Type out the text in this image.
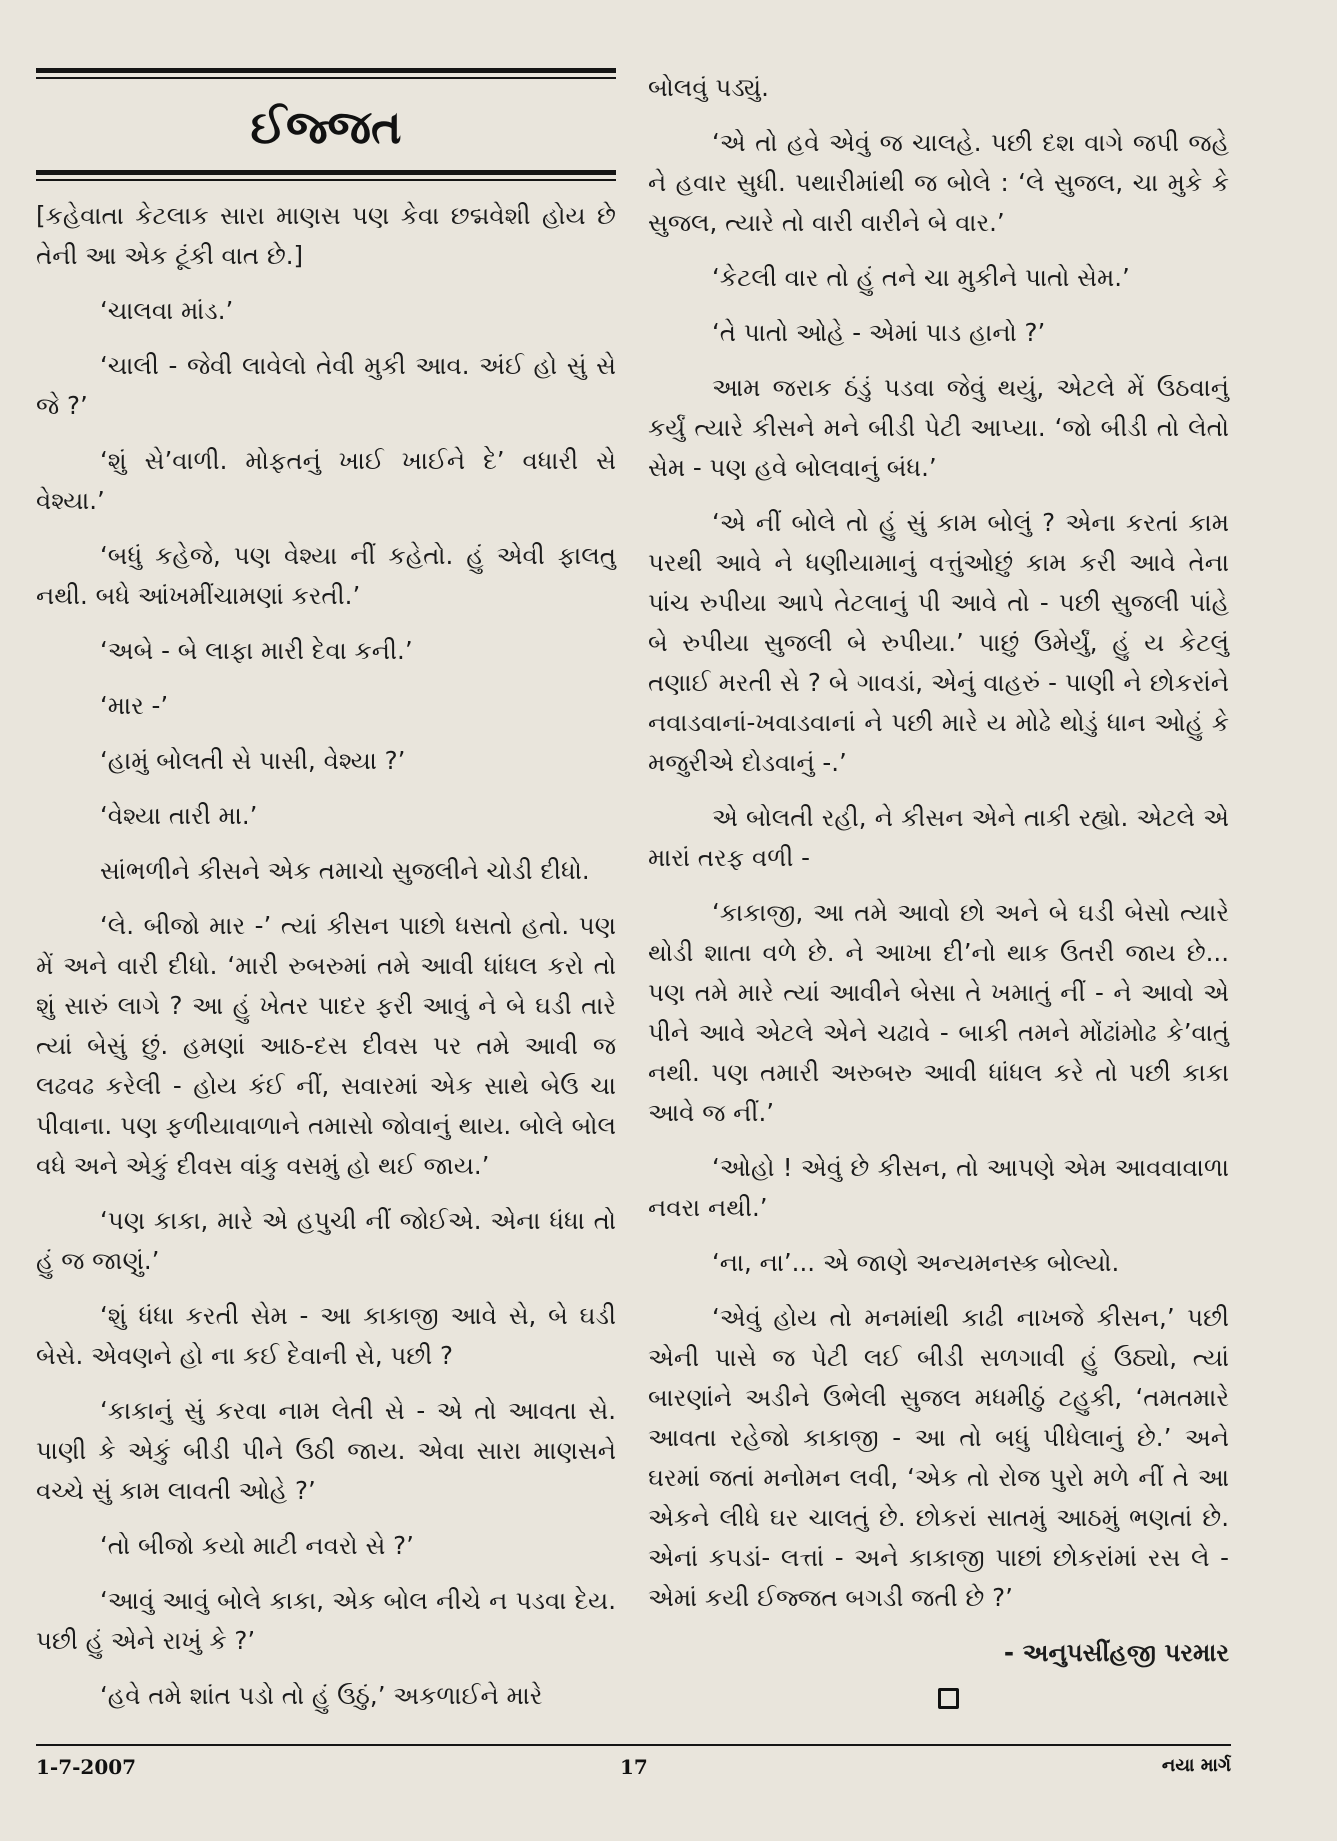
ઈજ્જત

[કહેવાતા કેટલાક સારા માણસ પણ કેવા છદ્મવેશી હોય છે તેની આ એક ટૂંકી વાત છે.]

‘ચાલવા માંડ.’

‘ચાલી - જેવી લાવેલો તેવી મુકી આવ. અંઈ હો સું સે જે ?’

‘શું સે’વાળી. મોફતનું ખાઈ ખાઈને દે’ વધારી સે વેશ્યા.’

‘બધું કહેજે, પણ વેશ્યા નીં કહેતો. હું એવી ફાલતુ નથી. બધે આંખમીંચામણાં કરતી.’

‘અબે - બે લાફા મારી દેવા કની.’

‘માર -’

‘હામું બોલતી સે પાસી, વેશ્યા ?’

‘વેશ્યા તારી મા.’

સાંભળીને કીસને એક તમાચો સુજલીને ચોડી દીધો.

‘લે. બીજો માર -’ ત્યાં કીસન પાછો ધસતો હતો. પણ મેં અને વારી દીધો. ‘મારી રુબરુમાં તમે આવી ધાંધલ કરો તો શું સારું લાગે ? આ હું ખેતર પાદર ફરી આવું ને બે ઘડી તારે ત્યાં બેસું છું. હમણાં આઠ-દસ દીવસ પર તમે આવી જ લઢવઢ કરેલી - હોય કંઈ નીં, સવારમાં એક સાથે બેઉ ચા પીવાના. પણ ફળીયાવાળાને તમાસો જોવાનું થાય. બોલે બોલ વધે અને એકું દીવસ વાંકુ વસમું હો થઈ જાય.’

‘પણ કાકા, મારે એ હપુચી નીં જોઈએ. એના ધંધા તો હું જ જાણું.’

‘શું ધંધા કરતી સેમ - આ કાકાજી આવે સે, બે ઘડી બેસે. એવણને હો ના કઈ દેવાની સે, પછી ?

‘કાકાનું સું કરવા નામ લેતી સે - એ તો આવતા સે. પાણી કે એકું બીડી પીને ઉઠી જાય. એવા સારા માણસને વચ્ચે સું કામ લાવતી ઓહે ?’

‘તો બીજો કયો માટી નવરો સે ?’

‘આવું આવું બોલે કાકા, એક બોલ નીચે ન પડવા દેય. પછી હું એને રાખું કે ?’

‘હવે તમે શાંત પડો તો હું ઉઠું,’ અકળાઈને મારે

બોલવું પડ્યું.

‘એ તો હવે એવું જ ચાલહે. પછી દશ વાગે જપી જહે ને હવાર સુધી. પથારીમાંથી જ બોલે : ‘લે સુજલ, ચા મુકે કે સુજલ, ત્યારે તો વારી વારીને બે વાર.’

‘કેટલી વાર તો હું તને ચા મુકીને પાતો સેમ.’

‘તે પાતો ઓહે - એમાં પાડ હાનો ?’

આમ જરાક ઠંડું પડવા જેવું થયું, એટલે મેં ઉઠવાનું કર્યું ત્યારે કીસને મને બીડી પેટી આપ્યા. ‘જો બીડી તો લેતો સેમ - પણ હવે બોલવાનું બંધ.’

‘એ નીં બોલે તો હું સું કામ બોલું ? એના કરતાં કામ પરથી આવે ને ધણીયામાનું વત્તુંઓછું કામ કરી આવે તેના પાંચ રુપીયા આપે તેટલાનું પી આવે તો - પછી સુજલી પાંહે બે રુપીયા સુજલી બે રુપીયા.’ પાછું ઉમેર્યું, હું ય કેટલું તણાઈ મરતી સે ? બે ગાવડાં, એનું વાહરું - પાણી ને છોકરાંને નવાડવાનાં-ખવાડવાનાં ને પછી મારે ય મોઢે થોડું ધાન ઓહું કે મજુરીએ દોડવાનું -.’

એ બોલતી રહી, ને કીસન એને તાકી રહ્યો. એટલે એ મારાં તરફ વળી -

‘કાકાજી, આ તમે આવો છો અને બે ઘડી બેસો ત્યારે થોડી શાતા વળે છે. ને આખા દી’નો થાક ઉતરી જાય છે... પણ તમે મારે ત્યાં આવીને બેસા તે ખમાતું નીં - ને આવો એ પીને આવે એટલે એને ચઢાવે - બાકી તમને મોંઢાંમોઢ કે’વાતું નથી. પણ તમારી અરુબરુ આવી ધાંધલ કરે તો પછી કાકા આવે જ નીં.’

‘ઓહો ! એવું છે કીસન, તો આપણે એમ આવવાવાળા નવરા નથી.’

‘ના, ના’... એ જાણે અન્યમનસ્ક બોલ્યો.

‘એવું હોય તો મનમાંથી કાઢી નાખજે કીસન,’ પછી એની પાસે જ પેટી લઈ બીડી સળગાવી હું ઉઠ્યો, ત્યાં બારણાંને અડીને ઉભેલી સુજલ મધમીઠું ટહુકી, ‘તમતમારે આવતા રહેજો કાકાજી - આ તો બધું પીધેલાનું છે.’ અને ઘરમાં જતાં મનોમન લવી, ‘એક તો રોજ પુરો મળે નીં તે આ એકને લીધે ઘર ચાલતું છે. છોકરાં સાતમું આઠમું ભણતાં છે. એનાં કપડાં- લત્તાં - અને કાકાજી પાછાં છોકરાંમાં રસ લે - એમાં કયી ઈજ્જત બગડી જતી છે ?’

- અનુપસીંહજી પરમાર

1-7-2007	17	નયા માર્ગ
